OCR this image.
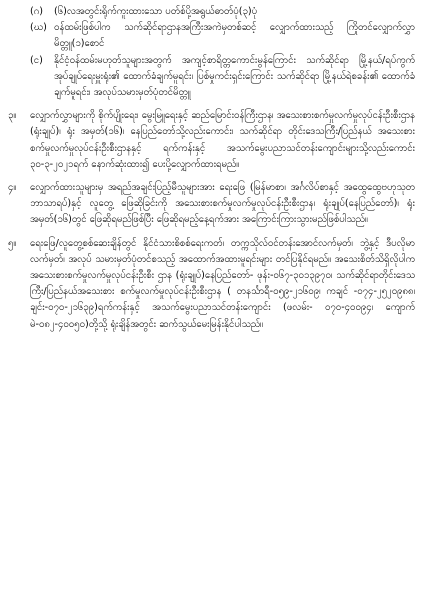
(ဂ)	(၆)လအတွင်းရိုက်ကူးထားသော ပတ်စ်ပို့အရွယ်ဓာတ်ပုံ(၃)ပုံ
(ဃ) ဝန်ထမ်းဖြစ်ပါက သက်ဆိုင်ရာဌာနအကြီးအကဲမှတစ်ဆင့် လျှောက်ထားသည့် ကြိုတင်လျှောက်လွှာ မိတ္တူ(၁)စောင်
(င)	နိုင်ငံ့ဝန်ထမ်းမဟုတ်သူများအတွက် အကျင့်စာရိတ္တကောင်းမွန်ကြောင်း သက်ဆိုင်ရာ မြို့နယ်/ရပ်ကွက်အုပ်ချုပ်ရေးမှူးရုံး၏ ထောက်ခံချက်မူရင်း၊ ပြစ်မှုကင်းရှင်းကြောင်း သက်ဆိုင်ရာ မြို့နယ်ရဲစခန်း၏ ထောက်ခံချက်မူရင်း၊ အလုပ်သမားမှတ်ပုံတင်မိတ္တူ
၃။	လျှောက်လွှာများကို စိုက်ပျိုးရေး၊ မွေးမြူရေးနှင့် ဆည်မြောင်းဝန်ကြီးဌာန၊ အသေးစားစက်မှုလက်မှုလုပ်ငန်းဦးစီးဌာန (ရုံးချုပ်)၊ ရုံး အမှတ်(၁၆)၊ နေပြည်တော်သို့လည်းကောင်း၊ သက်ဆိုင်ရာ တိုင်းဒေသကြီး/ပြည်နယ် အသေးစားစက်မှုလက်မှုလုပ်ငန်းဦးစီးဌာနနှင့် ရက်ကန်းနှင့် အသက်မွေးပညာသင်တန်းကျောင်းများသို့လည်းကောင်း ၃၀-၃-၂၀၂၁ရက် နောက်ဆုံးထား၍ ပေးပို့လျှောက်ထားရမည်။
၄။	လျှောက်ထားသူများမှ အရည်အချင်းပြည့်မီသူများအား ရေးဖြေ (မြန်မာစာ၊ အင်္ဂလိပ်စာနှင့် အထွေထွေဗဟုသုတဘာသာရပ်)နှင့် လူတွေ့ ဖြေဆိုခြင်းကို အသေးစားစက်မှုလက်မှုလုပ်ငန်းဦးစီးဌာန၊ ရုံးချုပ်(နေပြည်တော်)၊ ရုံးအမှတ်(၁၆)တွင် ဖြေဆိုရမည်ဖြစ်ပြီး ဖြေဆိုရမည့်နေ့ရက်အား အကြောင်းကြားသွားမည်ဖြစ်ပါသည်။
၅။	ရေးဖြေ/လူတွေ့စစ်ဆေးချိန်တွင် နိုင်ငံသားစိစစ်ရေးကတ်၊ တက္ကသိုလ်ဝင်တန်းအောင်လက်မှတ်၊ ဘွဲ့နှင့် ဒီပလိုမာလက်မှတ်၊ အလုပ် သမားမှတ်ပုံတင်စသည့် အထောက်အထားမူရင်းများ တင်ပြနိုင်ရမည်။ အသေးစိတ်သိရှိလိုပါက အသေးစားစက်မှုလက်မှုလုပ်ငန်းဦးစီး ဌာန (ရုံးချုပ်)နေပြည်တော်- ဖုန်း-၀၆၇-၃၀၁၃၉၇၀၊ သက်ဆိုင်ရာတိုင်းဒေသကြီး/ပြည်နယ်အသေးစား စက်မှုလက်မှုလုပ်ငန်းဦးစီးဌာန ( တနင်္သာရီ-၀၅၉-၂၁၆၀၉၊ ကချင် -၀၇၄-၂၅၂၀၉၈၈၊ ချင်း-၀၇၀-၂၁၆၃၉)ရက်ကန်းနှင့် အသက်မွေးပညာသင်တန်းကျောင်း (ဖလမ်း- ၀၇၀-၄၀၀၉၄၊ ကျောက်မဲ-၀၈၂-၄၀၀၅၀)တို့သို့ ရုံးချိန်အတွင်း ဆက်သွယ်မေးမြန်းနိုင်ပါသည်။
